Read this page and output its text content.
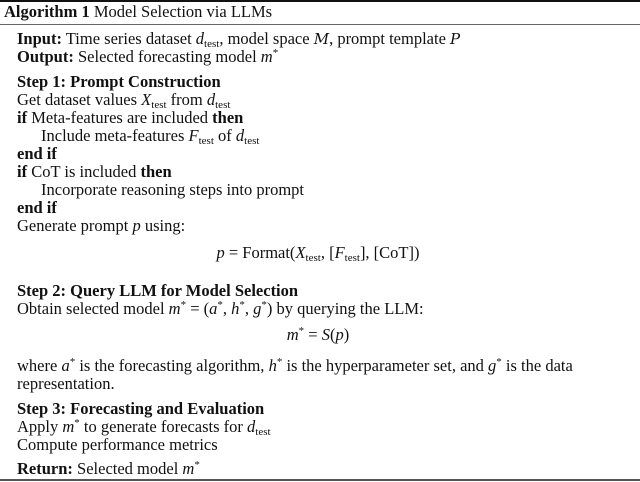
Algorithm 1 Model Selection via LLMs
Input: Time series dataset $d_{test}$, model space M, prompt template P
Output: Selected forecasting model m*
Step 1: Prompt Construction
Get dataset values $X_{test}$ from $d_{test}$
if Meta-features are included then
Include meta-features $F_{test}$ of $d_{test}$
end if
if CoT is included then
Incorporate reasoning steps into prompt
end if
Generate prompt p using:
$p = Format(X_{test}$, $[F_{test}]$, [CoT])
Step 2: Query LLM for Model Selection
Obtain selected model m* = (a*, h*, g*) by querying the LLM:
m* = S(p)
where a* is the forecasting algorithm, h* is the hyperparameter set, and g* is the data
representation.
Step 3: Forecasting and Evaluation
Apply m* to generate forecasts for $d_{test}$
Compute performance metrics
Return: Selected model m*
